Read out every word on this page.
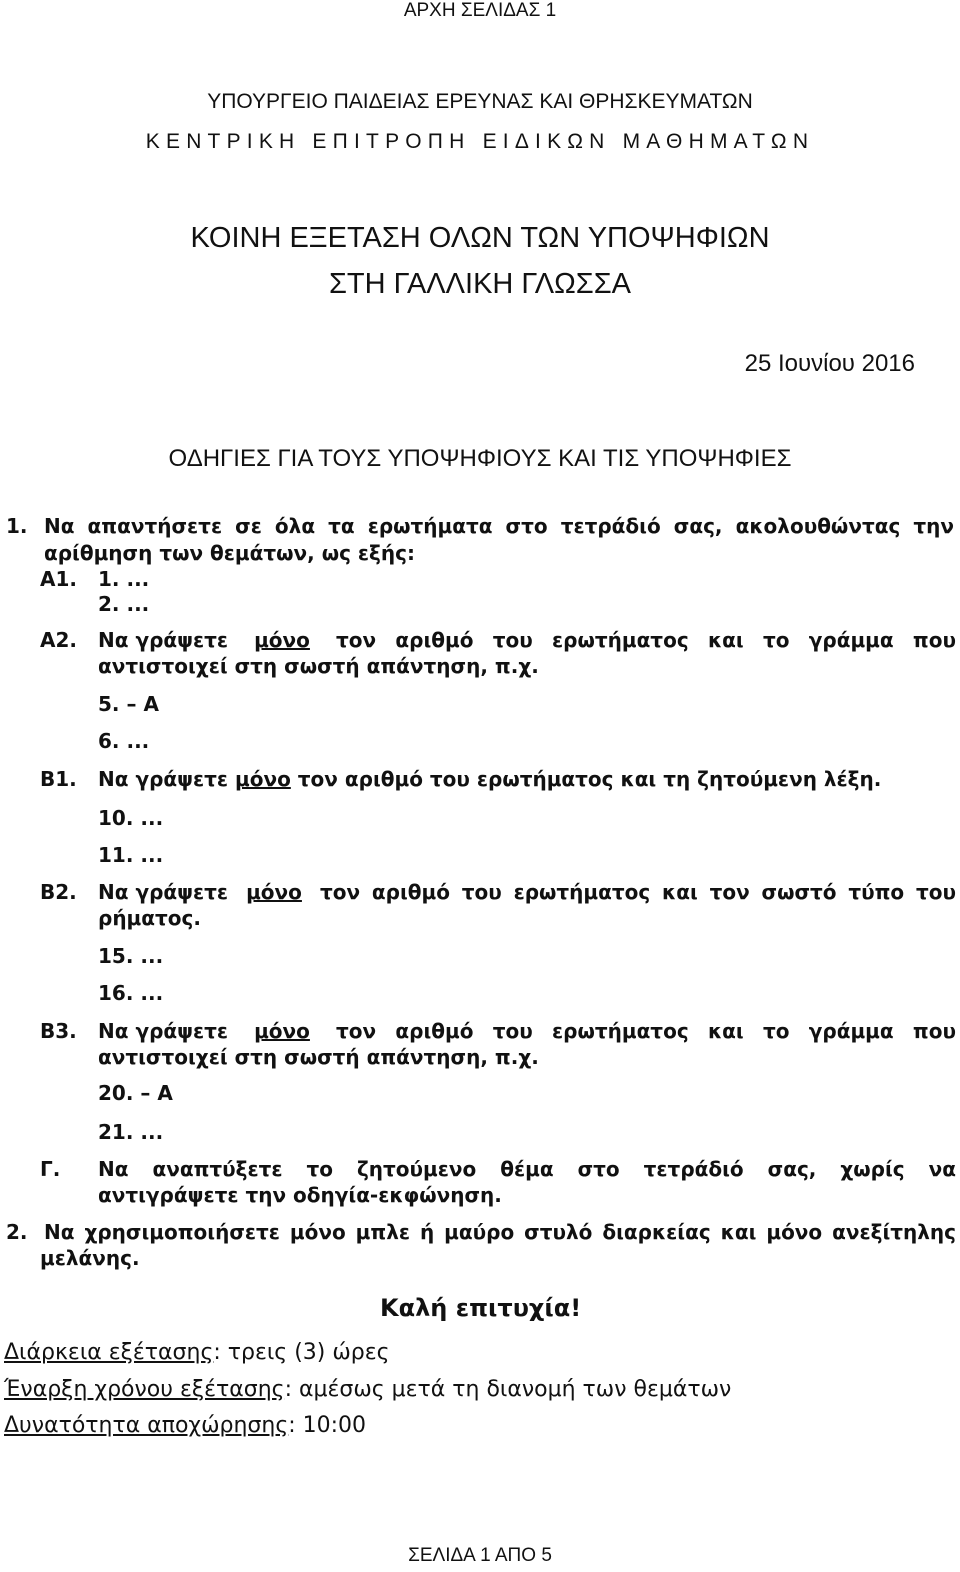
ΑΡΧΗ ΣΕΛΙΔΑΣ 1
ΥΠΟΥΡΓΕΙΟ ΠΑΙΔΕΙΑΣ ΕΡΕΥΝΑΣ ΚΑΙ ΘΡΗΣΚΕΥΜΑΤΩΝ
ΚΕΝΤΡΙΚΗ ΕΠΙΤΡΟΠΗ ΕΙΔΙΚΩΝ ΜΑΘΗΜΑΤΩΝ
ΚΟΙΝΗ ΕΞΕΤΑΣΗ ΟΛΩΝ ΤΩΝ ΥΠΟΨΗΦΙΩΝ
ΣΤΗ ΓΑΛΛΙΚΗ ΓΛΩΣΣΑ
25 Ιουνίου 2016
ΟΔΗΓΙΕΣ ΓΙΑ ΤΟΥΣ ΥΠΟΨΗΦΙΟΥΣ ΚΑΙ ΤΙΣ ΥΠΟΨΗΦΙΕΣ
1. Να απαντήσετε σε όλα τα ερωτήματα στο τετράδιό σας, ακολουθώντας την
αρίθμηση των θεμάτων, ως εξής:
Α1. 1. ...
2. ...
Α2. Να γράψετε μόνο τον αριθμό του ερωτήματος και το γράμμα που
αντιστοιχεί στη σωστή απάντηση, π.χ.
5. – Α
6. ...
Β1. Να γράψετε μόνο τον αριθμό του ερωτήματος και τη ζητούμενη λέξη.
10. ...
11. ...
Β2. Να γράψετε μόνο τον αριθμό του ερωτήματος και τον σωστό τύπο του
ρήματος.
15. ...
16. ...
Β3. Να γράψετε μόνο τον αριθμό του ερωτήματος και το γράμμα που
αντιστοιχεί στη σωστή απάντηση, π.χ.
20. – Α
21. ...
Γ. Να αναπτύξετε το ζητούμενο θέμα στο τετράδιό σας, χωρίς να
αντιγράψετε την οδηγία-εκφώνηση.
2. Να χρησιμοποιήσετε μόνο μπλε ή μαύρο στυλό διαρκείας και μόνο ανεξίτηλης
μελάνης.
Καλή επιτυχία!
Διάρκεια εξέτασης: τρεις (3) ώρες
Έναρξη χρόνου εξέτασης: αμέσως μετά τη διανομή των θεμάτων
Δυνατότητα αποχώρησης: 10:00
ΣΕΛΙΔΑ 1 ΑΠΟ 5
